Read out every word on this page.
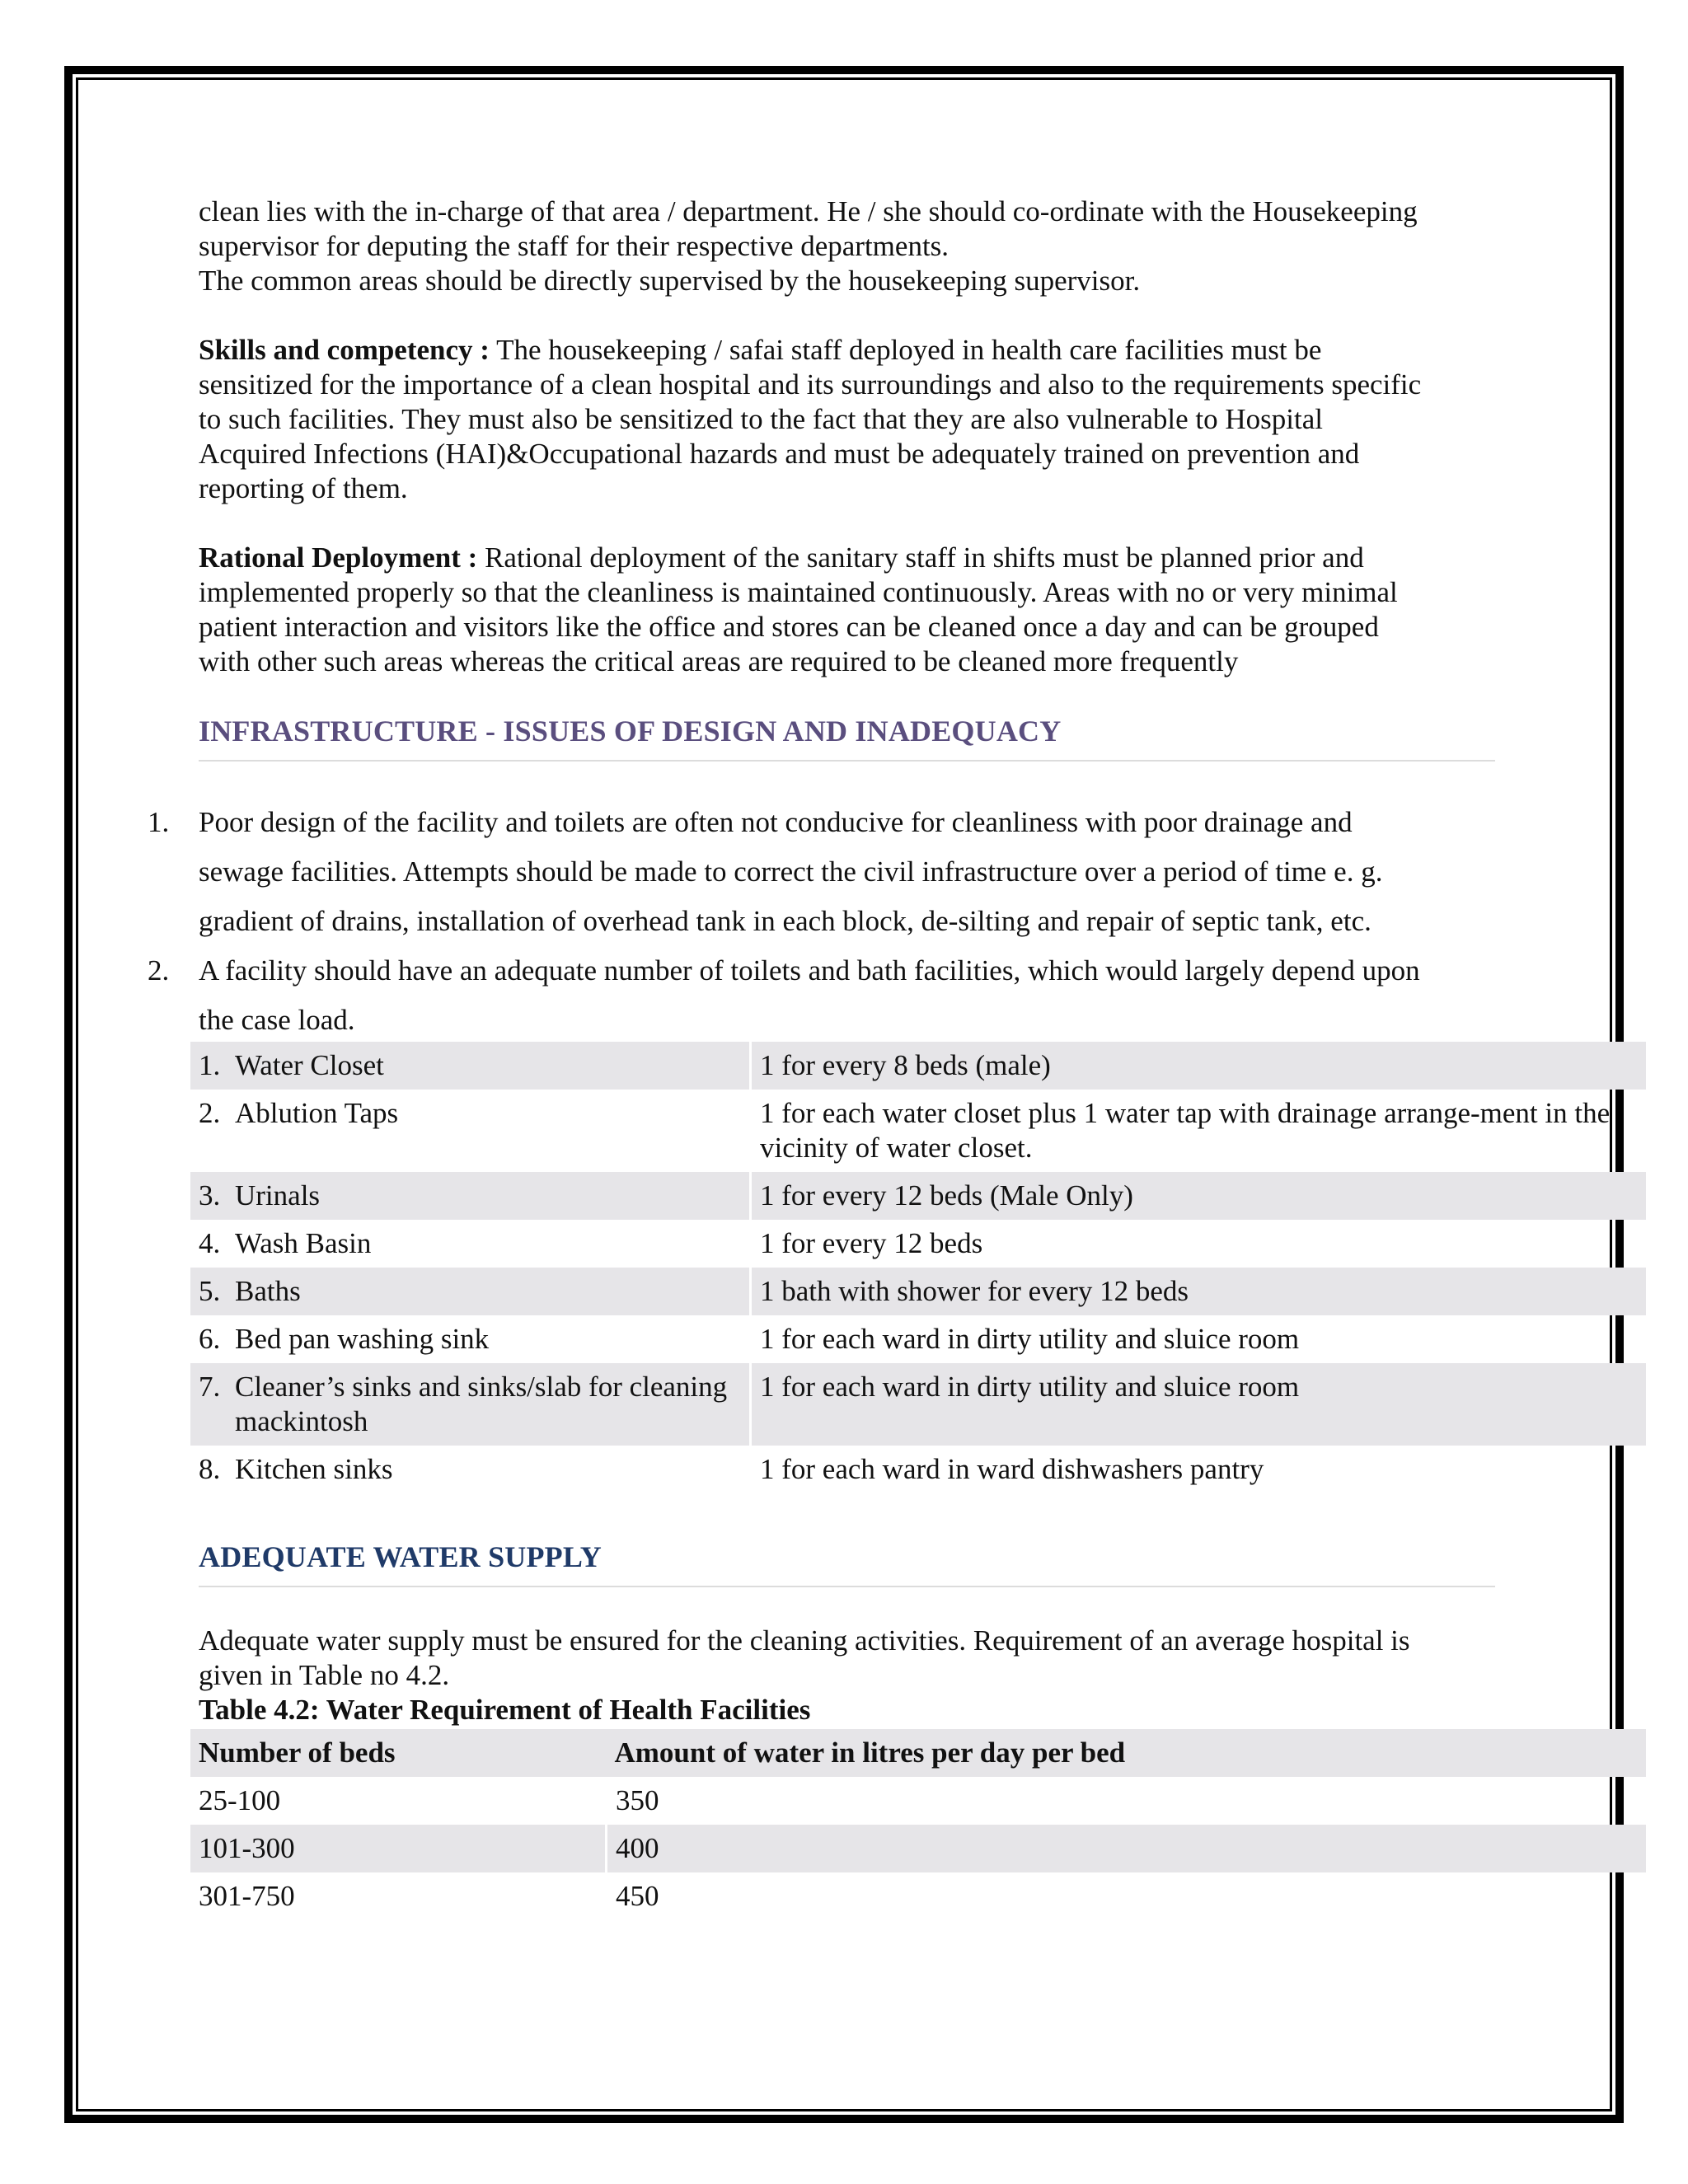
clean lies with the in-charge of that area / department. He / she should co-ordinate with the Housekeeping
supervisor for deputing the staff for their respective departments.
The common areas should be directly supervised by the housekeeping supervisor.

Skills and competency : The housekeeping / safai staff deployed in health care facilities must be
sensitized for the importance of a clean hospital and its surroundings and also to the requirements specific
to such facilities. They must also be sensitized to the fact that they are also vulnerable to Hospital
Acquired Infections (HAI)&Occupational hazards and must be adequately trained on prevention and
reporting of them.

Rational Deployment : Rational deployment of the sanitary staff in shifts must be planned prior and
implemented properly so that the cleanliness is maintained continuously. Areas with no or very minimal
patient interaction and visitors like the office and stores can be cleaned once a day and can be grouped
with other such areas whereas the critical areas are required to be cleaned more frequently

INFRASTRUCTURE - ISSUES OF DESIGN AND INADEQUACY
1. Poor design of the facility and toilets are often not conducive for cleanliness with poor drainage and
sewage facilities. Attempts should be made to correct the civil infrastructure over a period of time e. g.
gradient of drains, installation of overhead tank in each block, de-silting and repair of septic tank, etc.
2. A facility should have an adequate number of toilets and bath facilities, which would largely depend upon
the case load.
1.	Water Closet	1 for every 8 beds (male)
2.	Ablution Taps	1 for each water closet plus 1 water tap with drainage arrange-ment in the vicinity of water closet.
3.	Urinals	1 for every 12 beds (Male Only)
4.	Wash Basin	1 for every 12 beds
5.	Baths	1 bath with shower for every 12 beds
6.	Bed pan washing sink	1 for each ward in dirty utility and sluice room
7.	Cleaner’s sinks and sinks/slab for cleaning mackintosh	1 for each ward in dirty utility and sluice room
8.	Kitchen sinks	1 for each ward in ward dishwashers pantry
ADEQUATE WATER SUPPLY

Adequate water supply must be ensured for the cleaning activities. Requirement of an average hospital is
given in Table no 4.2.

Table 4.2: Water Requirement of Health Facilities

Number of beds	Amount of water in litres per day per bed
25-100	350
101-300	400
301-750	450
